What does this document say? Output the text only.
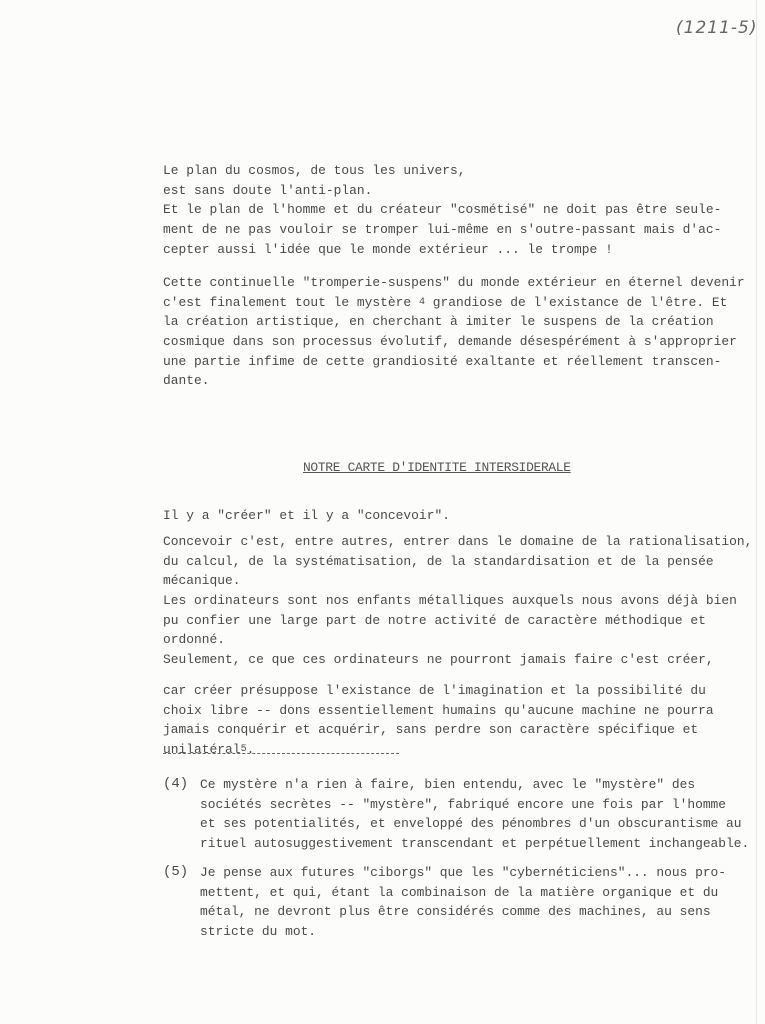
(1211-5)
Le plan du cosmos, de tous les univers,
est sans doute l'anti-plan.
Et le plan de l'homme et du créateur "cosmétisé" ne doit pas être seule-
ment de ne pas vouloir se tromper lui-même en s'outre-passant mais d'ac-
cepter aussi l'idée que le monde extérieur ... le trompe !
Cette continuelle "tromperie-suspens" du monde extérieur en éternel devenir
c'est finalement tout le mystère $^4$ grandiose de l'existance de l'être. Et
la création artistique, en cherchant à imiter le suspens de la création
cosmique dans son processus évolutif, demande désespérément à s'approprier
une partie infime de cette grandiosité exaltante et réellement transcen-
dante.
NOTRE CARTE D'IDENTITE INTERSIDERALE
Il y a "créer" et il y a "concevoir".
Concevoir c'est, entre autres, entrer dans le domaine de la rationalisation,
du calcul, de la systématisation, de la standardisation et de la pensée
mécanique.
Les ordinateurs sont nos enfants métalliques auxquels nous avons déjà bien
pu confier une large part de notre activité de caractère méthodique et
ordonné.
Seulement, ce que ces ordinateurs ne pourront jamais faire c'est créer,
car créer présuppose l'existance de l'imagination et la possibilité du
choix libre -- dons essentiellement humains qu'aucune machine ne pourra
jamais conquérir et acquérir, sans perdre son caractère spécifique et
unilatéral$^5$.
(4) Ce mystère n'a rien à faire, bien entendu, avec le "mystère" des
sociétés secrètes -- "mystère", fabriqué encore une fois par l'homme
et ses potentialités, et enveloppé des pénombres d'un obscurantisme au
rituel autosuggestivement transcendant et perpétuellement inchangeable.
(5) Je pense aux futures "ciborgs" que les "cybernéticiens"... nous pro-
mettent, et qui, étant la combinaison de la matière organique et du
métal, ne devront plus être considérés comme des machines, au sens
stricte du mot.
